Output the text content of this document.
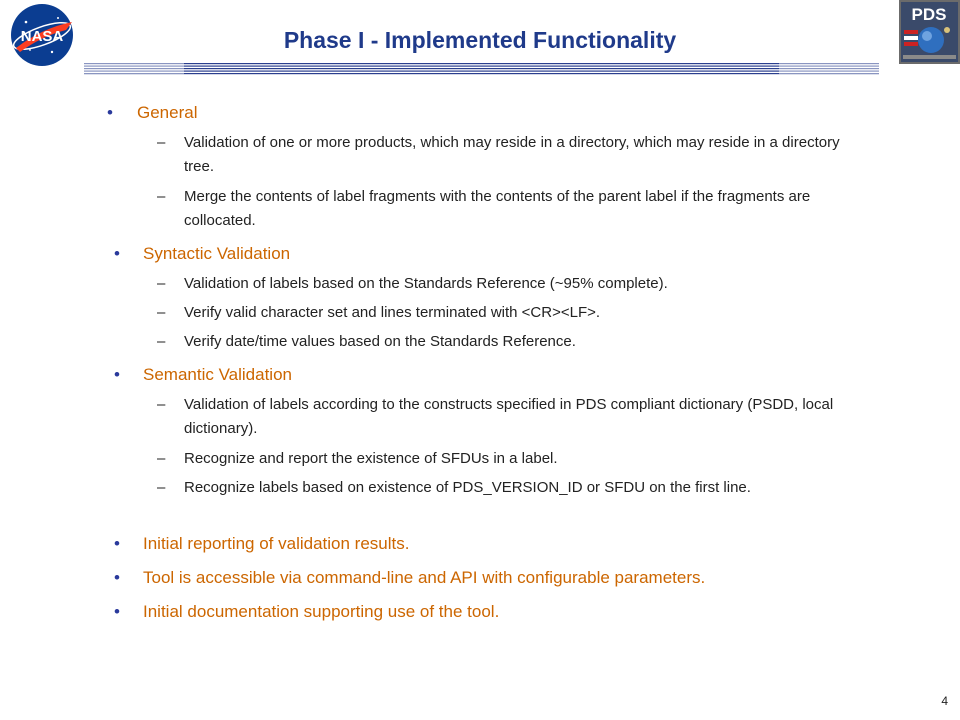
NASA
PDS
Phase I - Implemented Functionality
• General
– Validation of one or more products, which may reside in a directory, which may reside in a directory tree.
– Merge the contents of label fragments with the contents of the parent label if the fragments are collocated.
• Syntactic Validation
– Validation of labels based on the Standards Reference (~95% complete).
– Verify valid character set and lines terminated with <CR><LF>.
– Verify date/time values based on the Standards Reference.
• Semantic Validation
– Validation of labels according to the constructs specified in PDS compliant dictionary (PSDD, local dictionary).
– Recognize and report the existence of SFDUs in a label.
– Recognize labels based on existence of PDS_VERSION_ID or SFDU on the first line.
• Initial reporting of validation results.
• Tool is accessible via command-line and API with configurable parameters.
• Initial documentation supporting use of the tool.
4
